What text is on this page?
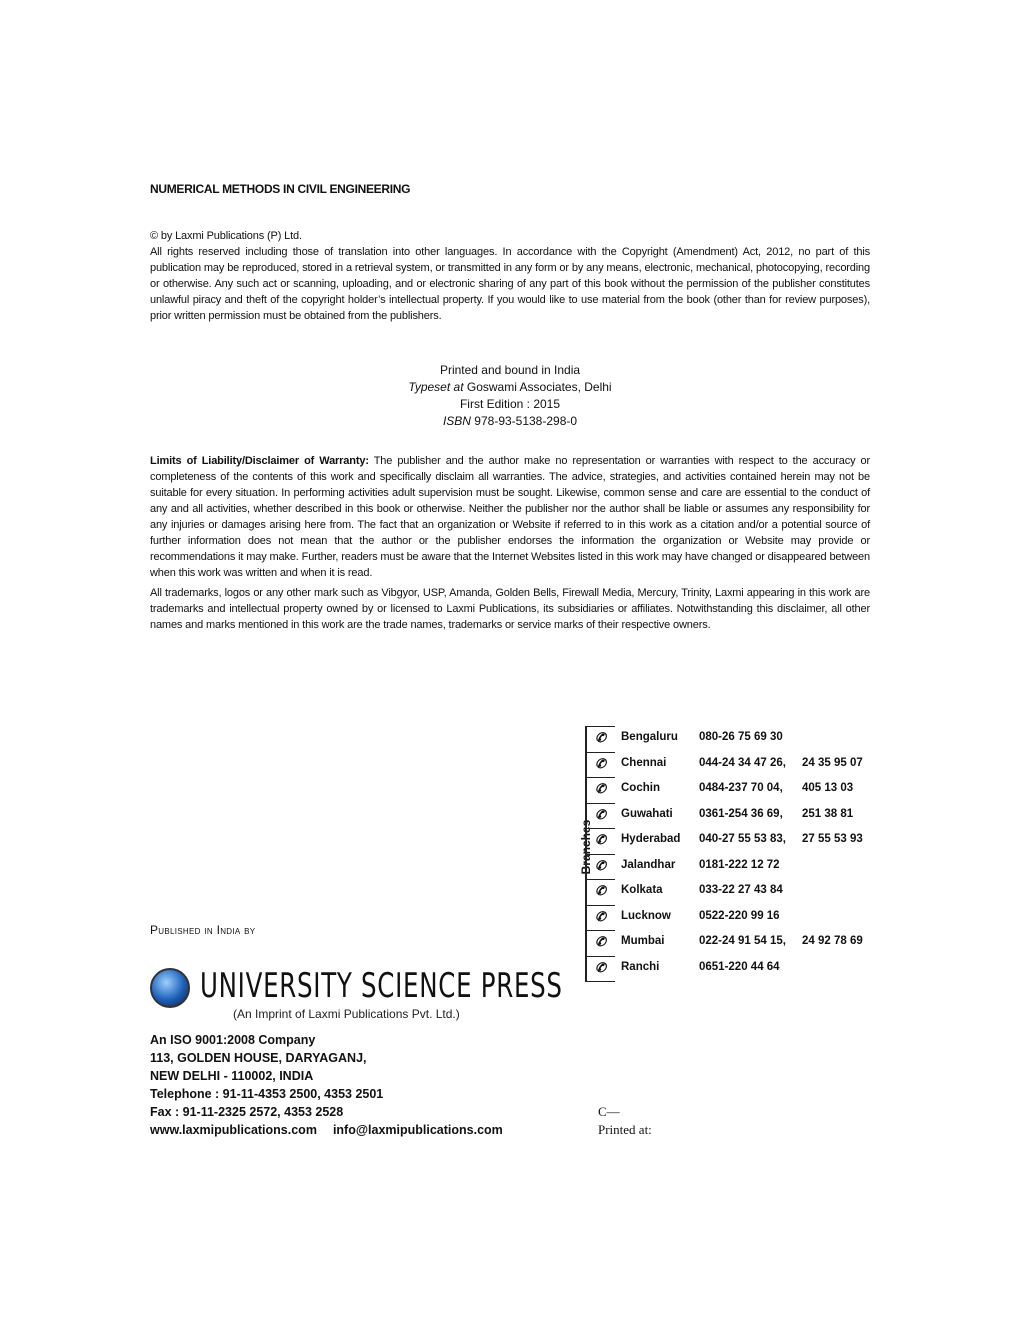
NUMERICAL METHODS IN CIVIL ENGINEERING
© by Laxmi Publications (P) Ltd.
All rights reserved including those of translation into other languages. In accordance with the Copyright (Amendment) Act, 2012, no part of this publication may be reproduced, stored in a retrieval system, or transmitted in any form or by any means, electronic, mechanical, photocopying, recording or otherwise. Any such act or scanning, uploading, and or electronic sharing of any part of this book without the permission of the publisher constitutes unlawful piracy and theft of the copyright holder’s intellectual property. If you would like to use material from the book (other than for review purposes), prior written permission must be obtained from the publishers.
Printed and bound in India
Typeset at Goswami Associates, Delhi
First Edition : 2015
ISBN 978-93-5138-298-0
Limits of Liability/Disclaimer of Warranty: The publisher and the author make no representation or warranties with respect to the accuracy or completeness of the contents of this work and specifically disclaim all warranties. The advice, strategies, and activities contained herein may not be suitable for every situation. In performing activities adult supervision must be sought. Likewise, common sense and care are essential to the conduct of any and all activities, whether described in this book or otherwise. Neither the publisher nor the author shall be liable or assumes any responsibility for any injuries or damages arising here from. The fact that an organization or Website if referred to in this work as a citation and/or a potential source of further information does not mean that the author or the publisher endorses the information the organization or Website may provide or recommendations it may make. Further, readers must be aware that the Internet Websites listed in this work may have changed or disappeared between when this work was written and when it is read.
All trademarks, logos or any other mark such as Vibgyor, USP, Amanda, Golden Bells, Firewall Media, Mercury, Trinity, Laxmi appearing in this work are trademarks and intellectual property owned by or licensed to Laxmi Publications, its subsidiaries or affiliates. Notwithstanding this disclaimer, all other names and marks mentioned in this work are the trade names, trademarks or service marks of their respective owners.
Branches
✆ Bengaluru	080-26 75 69 30
✆ Chennai	044-24 34 47 26, 24 35 95 07
✆ Cochin	0484-237 70 04, 405 13 03
✆ Guwahati	0361-254 36 69, 251 38 81
✆ Hyderabad	040-27 55 53 83, 27 55 53 93
✆ Jalandhar	0181-222 12 72
✆ Kolkata	033-22 27 43 84
✆ Lucknow	0522-220 99 16
✆ Mumbai	022-24 91 54 15, 24 92 78 69
✆ Ranchi	0651-220 44 64
Published in India by
UNIVERSITY SCIENCE PRESS
(An Imprint of Laxmi Publications Pvt. Ltd.)
An ISO 9001:2008 Company
113, GOLDEN HOUSE, DARYAGANJ,
NEW DELHI - 110002, INDIA
Telephone : 91-11-4353 2500, 4353 2501
Fax : 91-11-2325 2572, 4353 2528
www.laxmipublications.com info@laxmipublications.com
C—
Printed at:
